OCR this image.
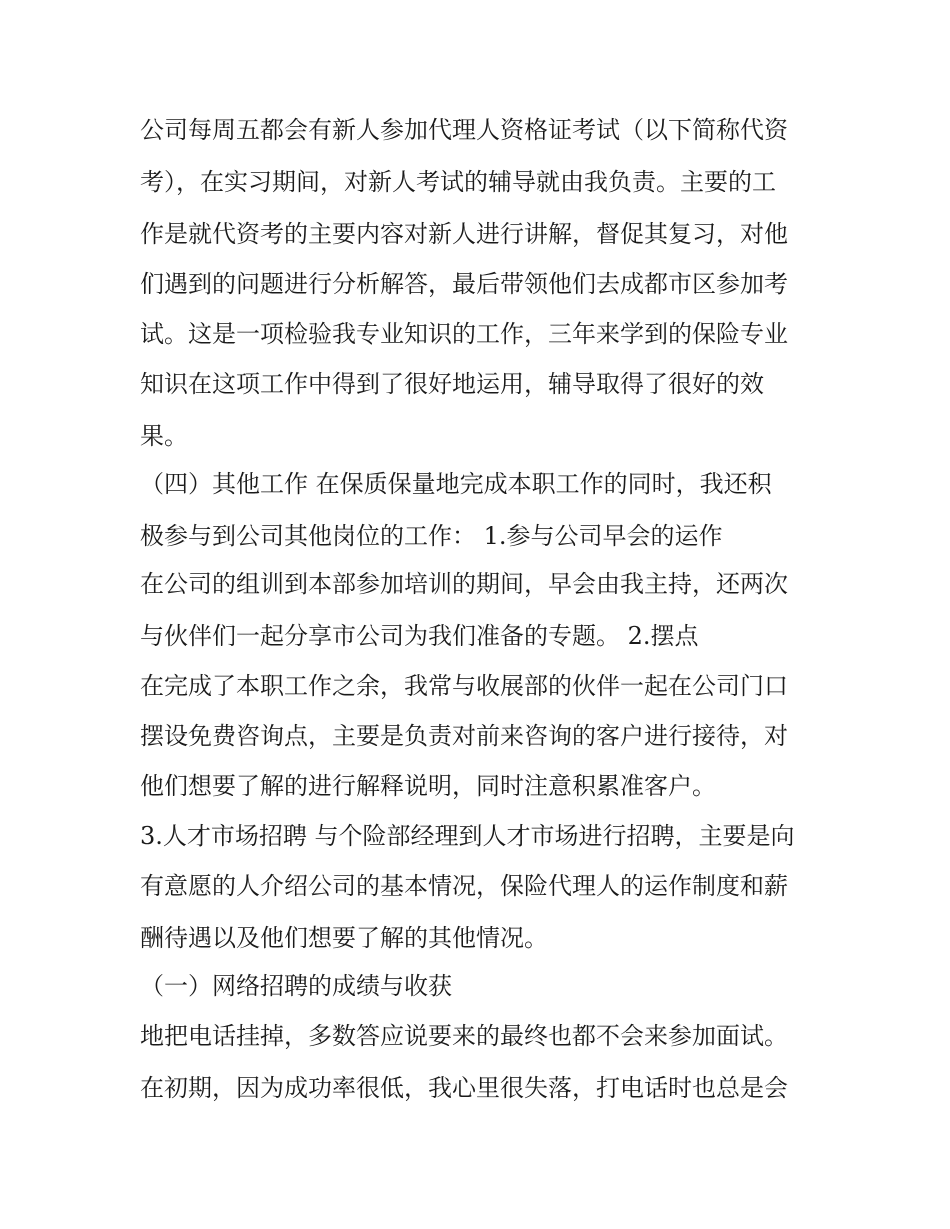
公司每周五都会有新人参加代理人资格证考试（以下简称代资
考），在实习期间，对新人考试的辅导就由我负责。主要的工
作是就代资考的主要内容对新人进行讲解，督促其复习，对他
们遇到的问题进行分析解答，最后带领他们去成都市区参加考
试。这是一项检验我专业知识的工作，三年来学到的保险专业
知识在这项工作中得到了很好地运用，辅导取得了很好的效
果。
（四）其他工作 在保质保量地完成本职工作的同时，我还积
极参与到公司其他岗位的工作： 1.参与公司早会的运作
在公司的组训到本部参加培训的期间，早会由我主持，还两次
与伙伴们一起分享市公司为我们准备的专题。 2.摆点
在完成了本职工作之余，我常与收展部的伙伴一起在公司门口
摆设免费咨询点，主要是负责对前来咨询的客户进行接待，对
他们想要了解的进行解释说明，同时注意积累准客户。
3.人才市场招聘 与个险部经理到人才市场进行招聘，主要是向
有意愿的人介绍公司的基本情况，保险代理人的运作制度和薪
酬待遇以及他们想要了解的其他情况。
（一）网络招聘的成绩与收获
地把电话挂掉，多数答应说要来的最终也都不会来参加面试。
在初期，因为成功率很低，我心里很失落，打电话时也总是会
